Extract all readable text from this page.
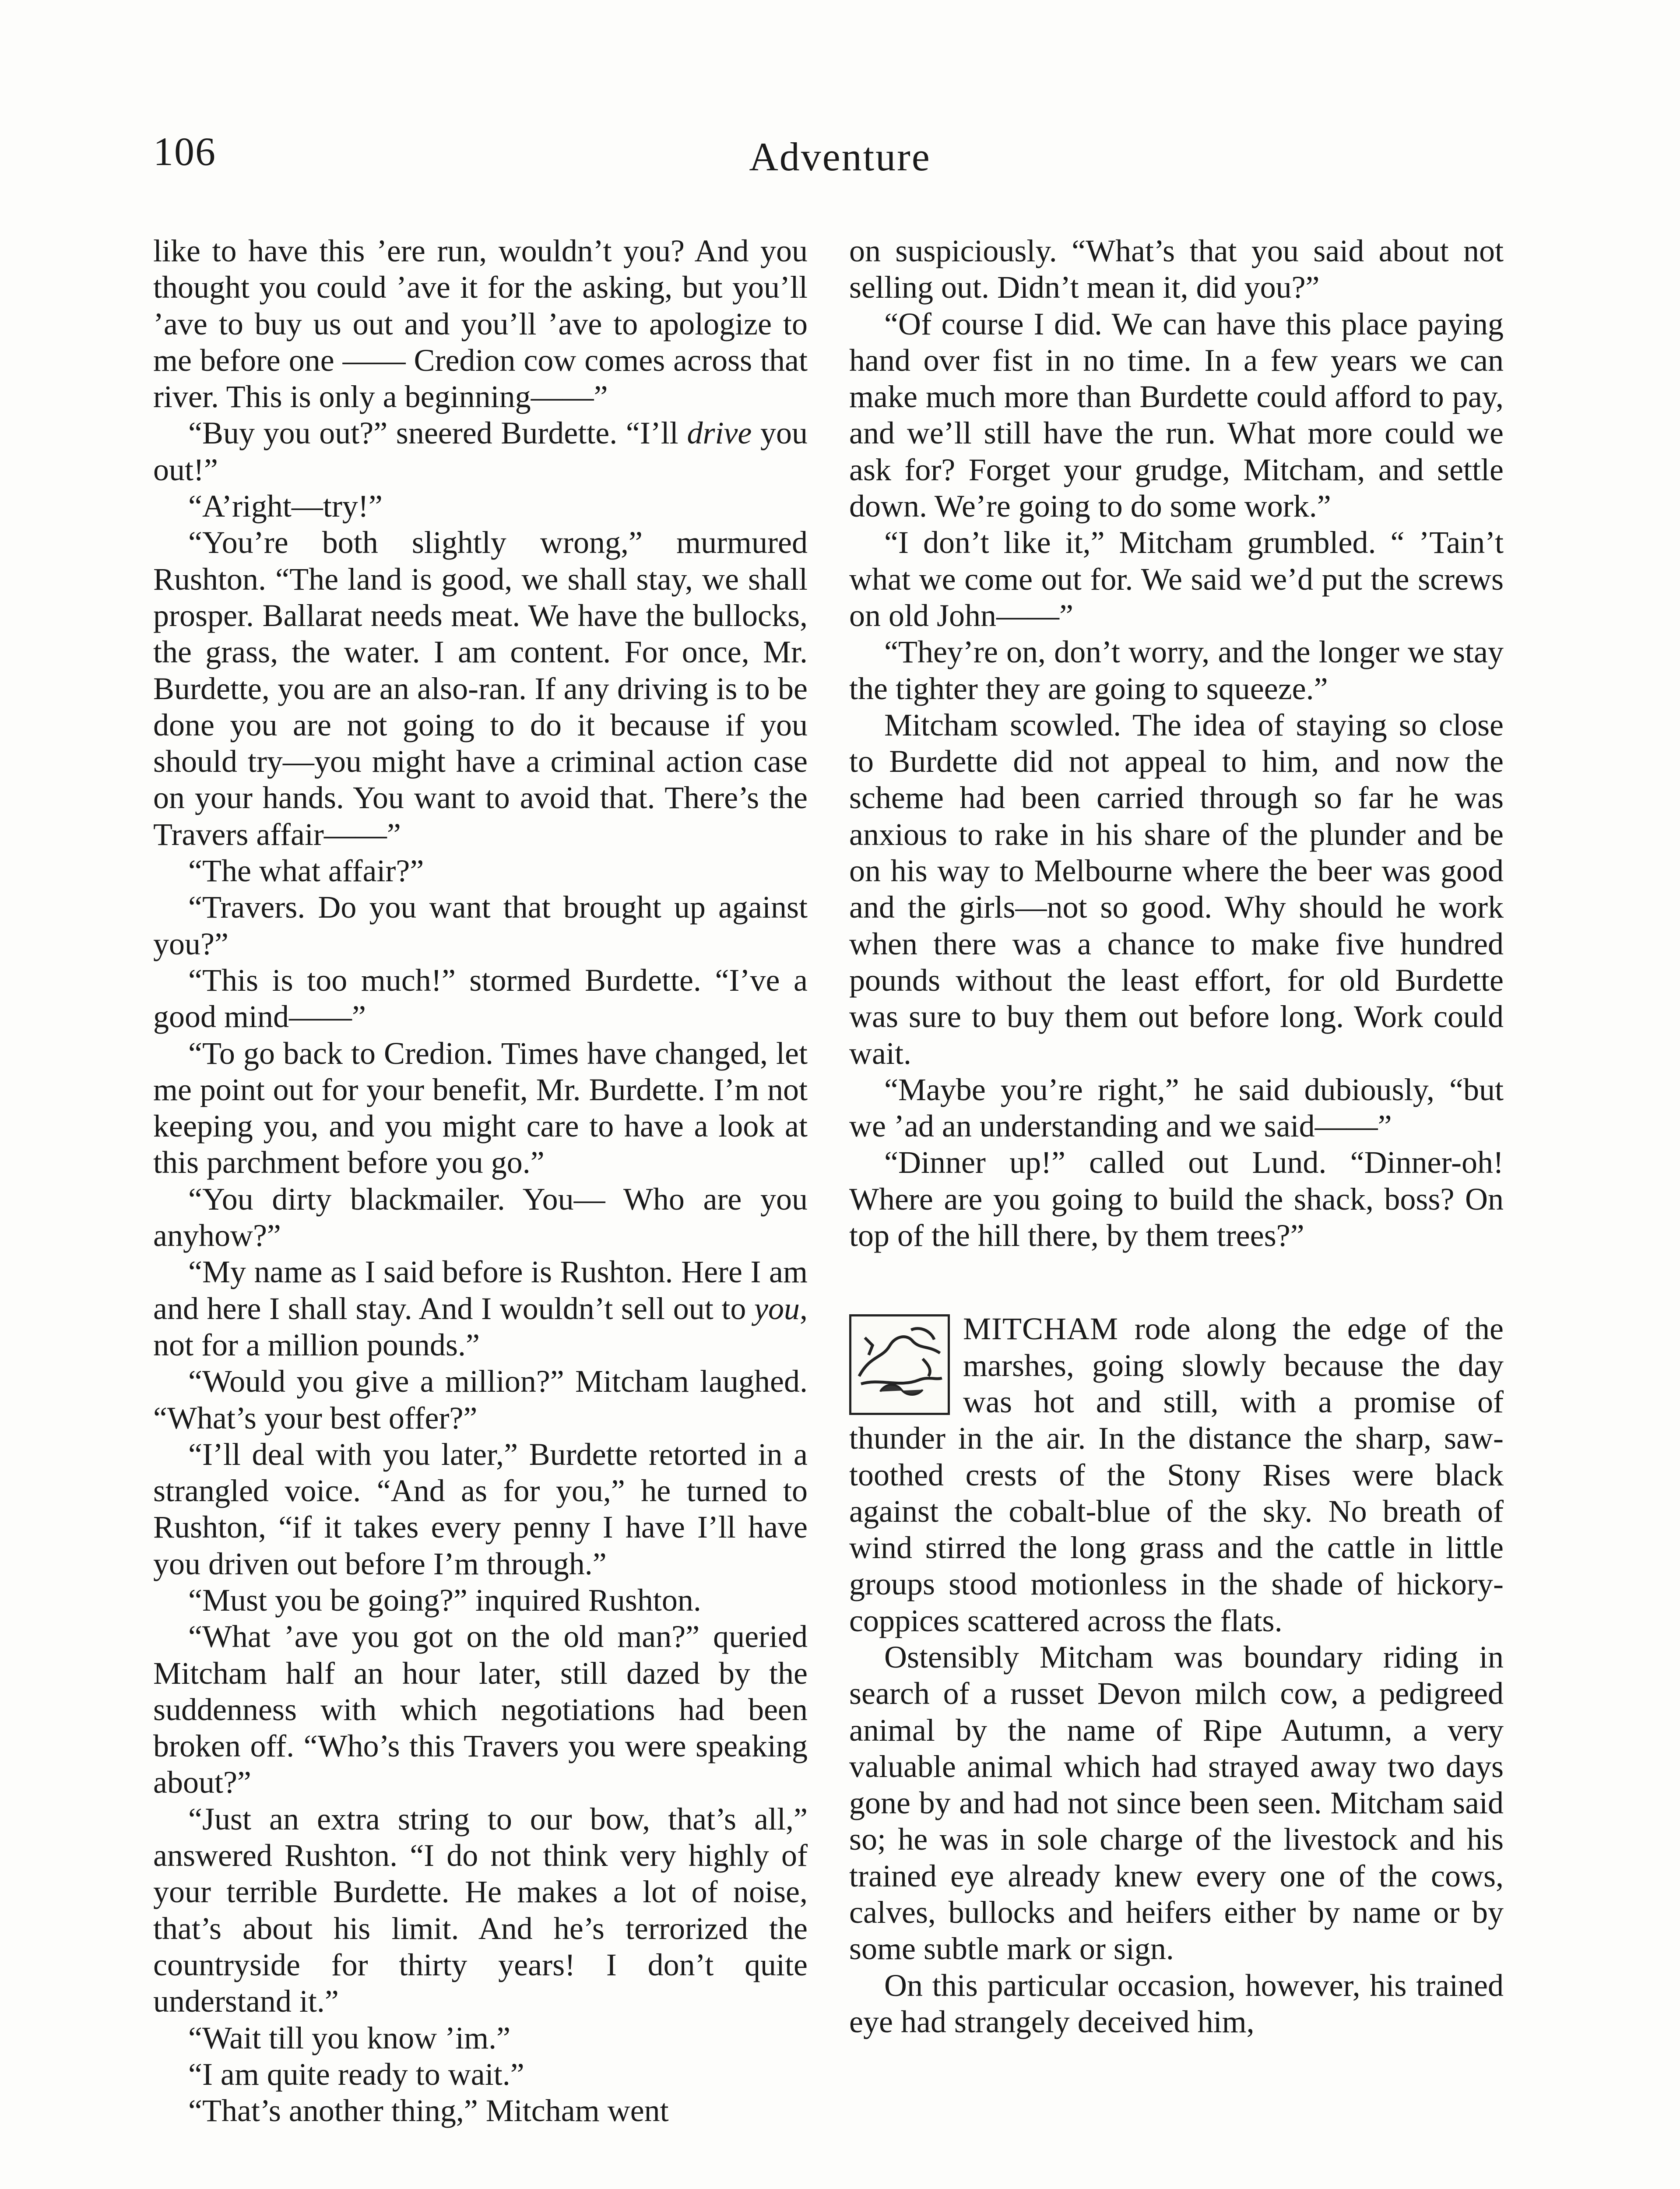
106	Adventure

like to have this ’ere run, wouldn’t you? And you thought you could ’ave it for the asking, but you’ll ’ave to buy us out and you’ll ’ave to apologize to me before one —— Credion cow comes across that river. This is only a beginning——”

“Buy you out?” sneered Burdette. “I’ll drive you out!”

“A’right—try!”

“You’re both slightly wrong,” murmured Rushton. “The land is good, we shall stay, we shall prosper. Ballarat needs meat. We have the bullocks, the grass, the water. I am content. For once, Mr. Burdette, you are an also-ran. If any driving is to be done you are not going to do it because if you should try—you might have a criminal action case on your hands. You want to avoid that. There’s the Travers affair——”

“The what affair?”

“Travers. Do you want that brought up against you?”

“This is too much!” stormed Burdette. “I’ve a good mind——”

“To go back to Credion. Times have changed, let me point out for your benefit, Mr. Burdette. I’m not keeping you, and you might care to have a look at this parchment before you go.”

“You dirty blackmailer. You— Who are you anyhow?”

“My name as I said before is Rushton. Here I am and here I shall stay. And I wouldn’t sell out to you, not for a million pounds.”

“Would you give a million?” Mitcham laughed. “What’s your best offer?”

“I’ll deal with you later,” Burdette retorted in a strangled voice. “And as for you,” he turned to Rushton, “if it takes every penny I have I’ll have you driven out before I’m through.”

“Must you be going?” inquired Rushton.

“What ’ave you got on the old man?” queried Mitcham half an hour later, still dazed by the suddenness with which negotiations had been broken off. “Who’s this Travers you were speaking about?”

“Just an extra string to our bow, that’s all,” answered Rushton. “I do not think very highly of your terrible Burdette. He makes a lot of noise, that’s about his limit. And he’s terrorized the countryside for thirty years! I don’t quite understand it.”

“Wait till you know ’im.”

“I am quite ready to wait.”

“That’s another thing,” Mitcham went

on suspiciously. “What’s that you said about not selling out. Didn’t mean it, did you?”

“Of course I did. We can have this place paying hand over fist in no time. In a few years we can make much more than Burdette could afford to pay, and we’ll still have the run. What more could we ask for? Forget your grudge, Mitcham, and settle down. We’re going to do some work.”

“I don’t like it,” Mitcham grumbled. “ ’Tain’t what we come out for. We said we’d put the screws on old John——”

“They’re on, don’t worry, and the longer we stay the tighter they are going to squeeze.”

Mitcham scowled. The idea of staying so close to Burdette did not appeal to him, and now the scheme had been carried through so far he was anxious to rake in his share of the plunder and be on his way to Melbourne where the beer was good and the girls—not so good. Why should he work when there was a chance to make five hundred pounds without the least effort, for old Burdette was sure to buy them out before long. Work could wait.

“Maybe you’re right,” he said dubiously, “but we ’ad an understanding and we said——”

“Dinner up!” called out Lund. “Dinner-oh! Where are you going to build the shack, boss? On top of the hill there, by them trees?”

MITCHAM rode along the edge of the marshes, going slowly because the day was hot and still, with a promise of thunder in the air. In the distance the sharp, saw-toothed crests of the Stony Rises were black against the cobalt-blue of the sky. No breath of wind stirred the long grass and the cattle in little groups stood motionless in the shade of hickory-coppices scattered across the flats.

Ostensibly Mitcham was boundary riding in search of a russet Devon milch cow, a pedigreed animal by the name of Ripe Autumn, a very valuable animal which had strayed away two days gone by and had not since been seen. Mitcham said so; he was in sole charge of the livestock and his trained eye already knew every one of the cows, calves, bullocks and heifers either by name or by some subtle mark or sign.

On this particular occasion, however, his trained eye had strangely deceived him,
